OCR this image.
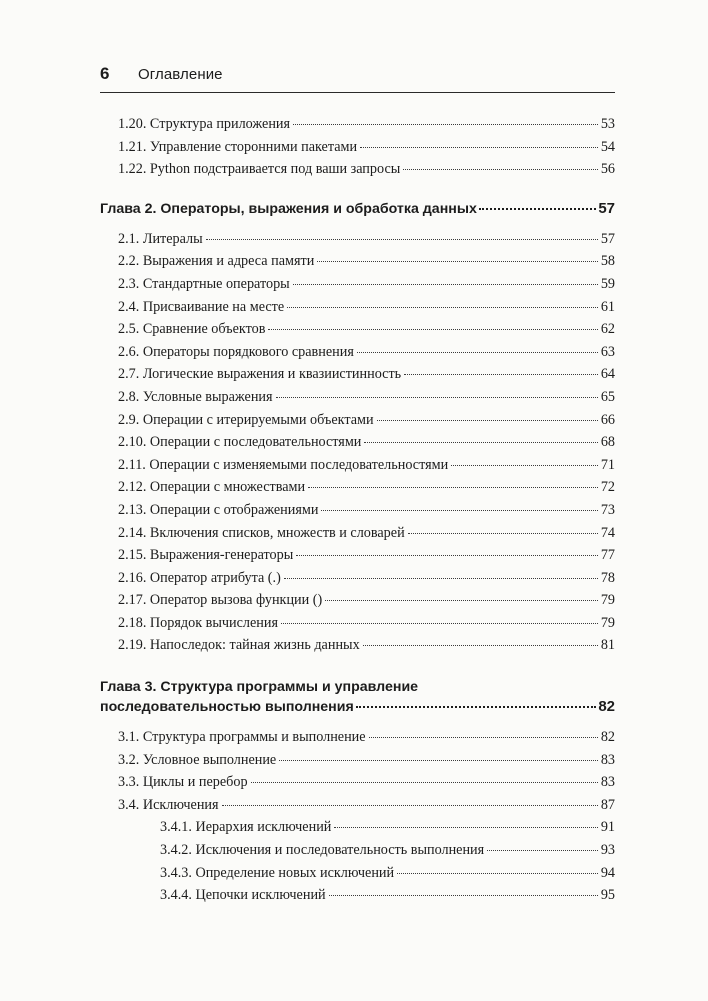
6	Оглавление
1.20. Структура приложения	53
1.21. Управление сторонними пакетами	54
1.22. Python подстраивается под ваши запросы	56
Глава 2. Операторы, выражения и обработка данных	57
2.1. Литералы	57
2.2. Выражения и адреса памяти	58
2.3. Стандартные операторы	59
2.4. Присваивание на месте	61
2.5. Сравнение объектов	62
2.6. Операторы порядкового сравнения	63
2.7. Логические выражения и квазиистинность	64
2.8. Условные выражения	65
2.9. Операции с итерируемыми объектами	66
2.10. Операции с последовательностями	68
2.11. Операции с изменяемыми последовательностями	71
2.12. Операции с множествами	72
2.13. Операции с отображениями	73
2.14. Включения списков, множеств и словарей	74
2.15. Выражения-генераторы	77
2.16. Оператор атрибута (.)	78
2.17. Оператор вызова функции ()	79
2.18. Порядок вычисления	79
2.19. Напоследок: тайная жизнь данных	81
Глава 3. Структура программы и управление
последовательностью выполнения	82
3.1. Структура программы и выполнение	82
3.2. Условное выполнение	83
3.3. Циклы и перебор	83
3.4. Исключения	87
3.4.1. Иерархия исключений	91
3.4.2. Исключения и последовательность выполнения	93
3.4.3. Определение новых исключений	94
3.4.4. Цепочки исключений	95
